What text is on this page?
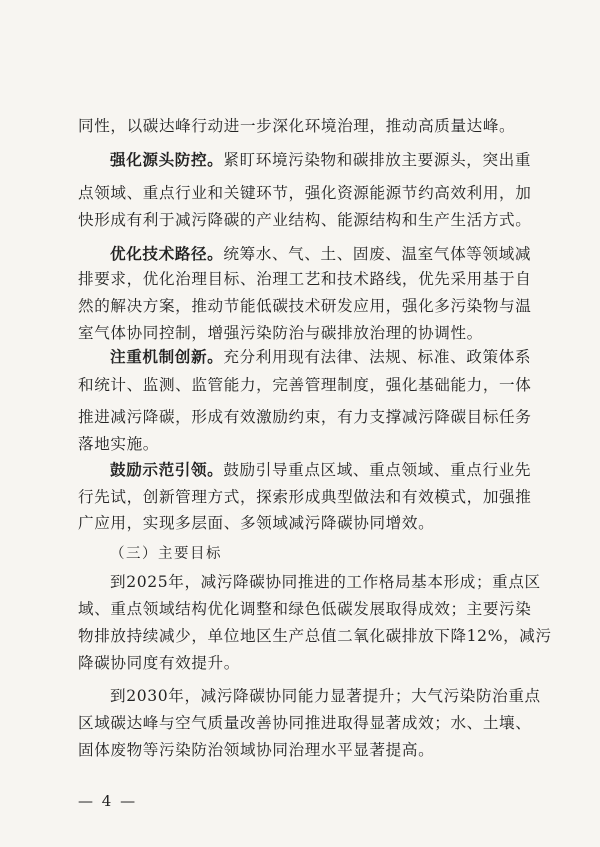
同性，以碳达峰行动进一步深化环境治理，推动高质量达峰。
强化源头防控。紧盯环境污染物和碳排放主要源头，突出重
点领域、重点行业和关键环节，强化资源能源节约高效利用，加
快形成有利于减污降碳的产业结构、能源结构和生产生活方式。
优化技术路径。统筹水、气、土、固废、温室气体等领域减
排要求，优化治理目标、治理工艺和技术路线，优先采用基于自
然的解决方案，推动节能低碳技术研发应用，强化多污染物与温
室气体协同控制，增强污染防治与碳排放治理的协调性。
注重机制创新。充分利用现有法律、法规、标准、政策体系
和统计、监测、监管能力，完善管理制度，强化基础能力，一体
推进减污降碳，形成有效激励约束，有力支撑减污降碳目标任务
落地实施。
鼓励示范引领。鼓励引导重点区域、重点领域、重点行业先
行先试，创新管理方式，探索形成典型做法和有效模式，加强推
广应用，实现多层面、多领域减污降碳协同增效。
（三）主要目标
到2025年，减污降碳协同推进的工作格局基本形成；重点区
域、重点领域结构优化调整和绿色低碳发展取得成效；主要污染
物排放持续减少，单位地区生产总值二氧化碳排放下降12%，减污
降碳协同度有效提升。
到2030年，减污降碳协同能力显著提升；大气污染防治重点
区域碳达峰与空气质量改善协同推进取得显著成效；水、土壤、
固体废物等污染防治领域协同治理水平显著提高。
— 4 —
